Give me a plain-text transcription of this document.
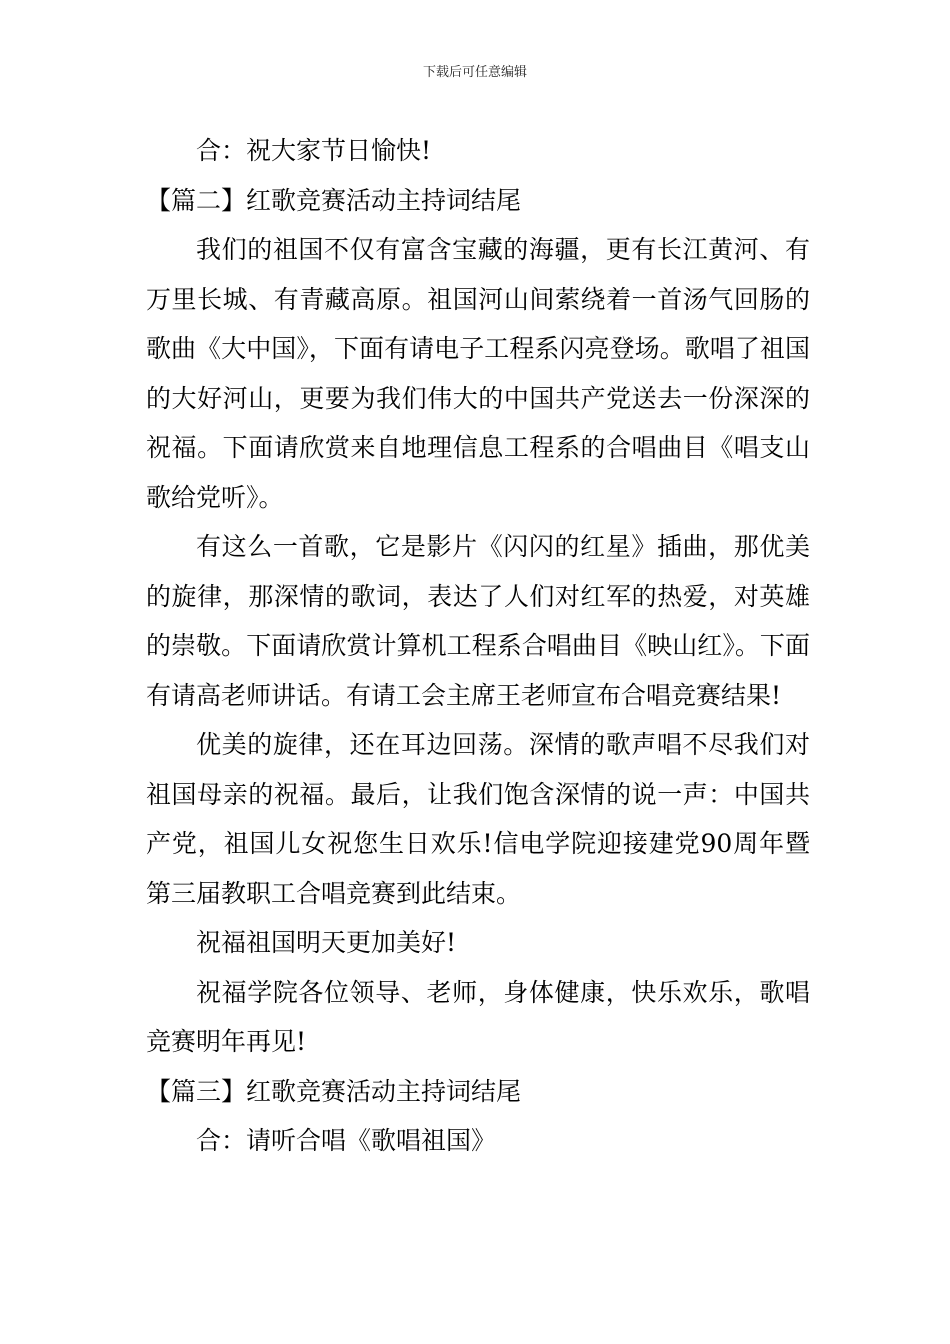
下载后可任意编辑

合：祝大家节日愉快!

【篇二】红歌竞赛活动主持词结尾

我们的祖国不仅有富含宝藏的海疆，更有长江黄河、有万里长城、有青藏高原。祖国河山间萦绕着一首汤气回肠的歌曲《大中国》，下面有请电子工程系闪亮登场。歌唱了祖国的大好河山，更要为我们伟大的中国共产党送去一份深深的祝福。下面请欣赏来自地理信息工程系的合唱曲目《唱支山歌给党听》。

有这么一首歌，它是影片《闪闪的红星》插曲，那优美的旋律，那深情的歌词，表达了人们对红军的热爱，对英雄的崇敬。下面请欣赏计算机工程系合唱曲目《映山红》。下面有请高老师讲话。有请工会主席王老师宣布合唱竞赛结果!

优美的旋律，还在耳边回荡。深情的歌声唱不尽我们对祖国母亲的祝福。最后，让我们饱含深情的说一声：中国共产党，祖国儿女祝您生日欢乐!信电学院迎接建党90周年暨第三届教职工合唱竞赛到此结束。

祝福祖国明天更加美好!

祝福学院各位领导、老师，身体健康，快乐欢乐，歌唱竞赛明年再见!

【篇三】红歌竞赛活动主持词结尾

合：请听合唱《歌唱祖国》
